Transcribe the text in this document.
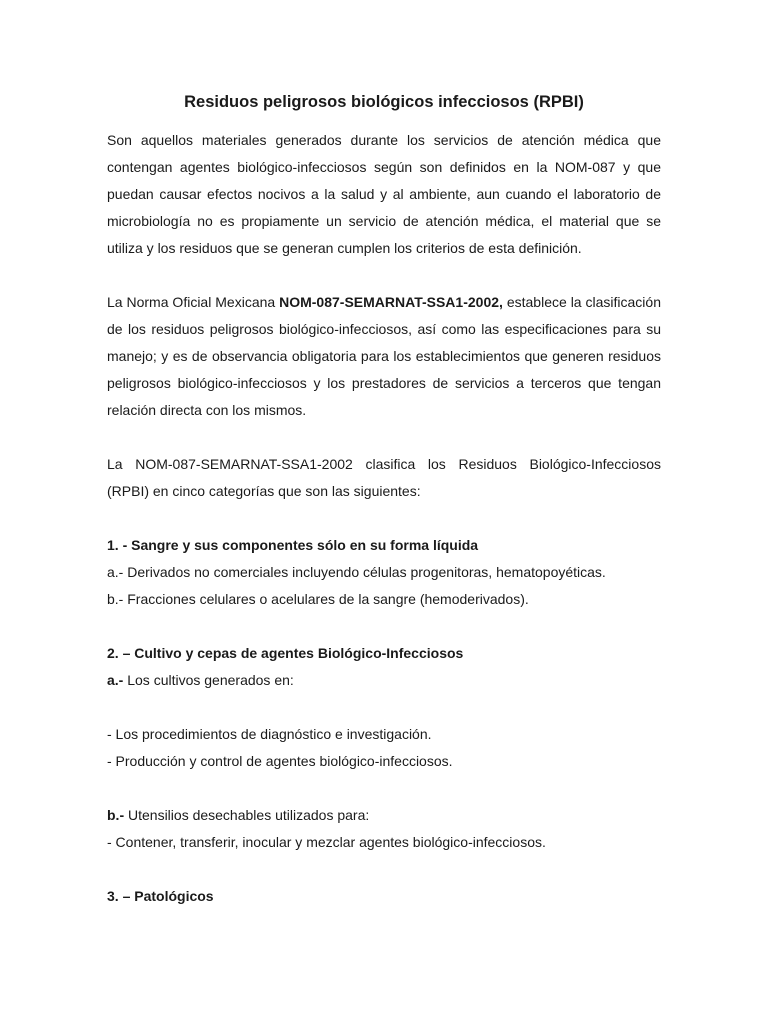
Residuos peligrosos biológicos infecciosos (RPBI)

Son aquellos materiales generados durante los servicios de atención médica que contengan agentes biológico-infecciosos según son definidos en la NOM-087 y que puedan causar efectos nocivos a la salud y al ambiente, aun cuando el laboratorio de microbiología no es propiamente un servicio de atención médica, el material que se utiliza y los residuos que se generan cumplen los criterios de esta definición.

La Norma Oficial Mexicana NOM-087-SEMARNAT-SSA1-2002, establece la clasificación de los residuos peligrosos biológico-infecciosos, así como las especificaciones para su manejo; y es de observancia obligatoria para los establecimientos que generen residuos peligrosos biológico-infecciosos y los prestadores de servicios a terceros que tengan relación directa con los mismos.

La NOM-087-SEMARNAT-SSA1-2002 clasifica los Residuos Biológico-Infecciosos (RPBI) en cinco categorías que son las siguientes:

1. - Sangre y sus componentes sólo en su forma líquida

a.- Derivados no comerciales incluyendo células progenitoras, hematopoyéticas.

b.- Fracciones celulares o acelulares de la sangre (hemoderivados).

2. – Cultivo y cepas de agentes Biológico-Infecciosos

a.- Los cultivos generados en:

- Los procedimientos de diagnóstico e investigación.

- Producción y control de agentes biológico-infecciosos.

b.- Utensilios desechables utilizados para:

- Contener, transferir, inocular y mezclar agentes biológico-infecciosos.

3. – Patológicos
